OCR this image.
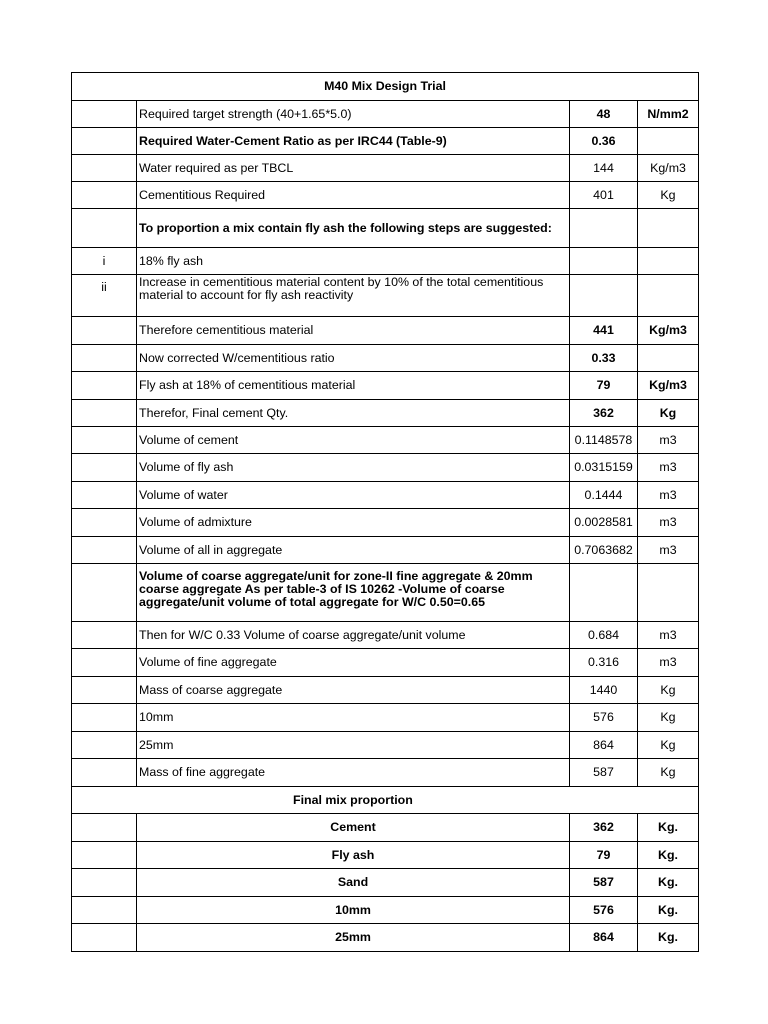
M40 Mix Design Trial			
	Required target strength (40+1.65*5.0)	48	N/mm2
	Required Water-Cement Ratio as per IRC44 (Table-9)	0.36	
	Water required as per TBCL	144	Kg/m3
	Cementitious Required	401	Kg
	To proportion a mix contain fly ash the following steps are suggested:		
i	18% fly ash		
ii	Increase in cementitious material content by 10% of the total cementitious material to account for fly ash reactivity		
	Therefore cementitious material	441	Kg/m3
	Now corrected W/cementitious ratio	0.33	
	Fly ash at 18% of cementitious material	79	Kg/m3
	Therefor, Final cement Qty.	362	Kg
	Volume of cement	0.1148578	m3
	Volume of fly ash	0.0315159	m3
	Volume of water	0.1444	m3
	Volume of admixture	0.0028581	m3
	Volume of all in aggregate	0.7063682	m3
	Volume of coarse aggregate/unit for zone-II fine aggregate & 20mm coarse aggregate As per table-3 of IS 10262 -Volume of coarse aggregate/unit volume of total aggregate for W/C 0.50=0.65		
	Then for W/C 0.33 Volume of coarse aggregate/unit volume	0.684	m3
	Volume of fine aggregate	0.316	m3
	Mass of coarse aggregate	1440	Kg
	10mm	576	Kg
	25mm	864	Kg
	Mass of fine aggregate	587	Kg
Final mix proportion			
	Cement	362	Kg.
	Fly ash	79	Kg.
	Sand	587	Kg.
	10mm	576	Kg.
	25mm	864	Kg.
